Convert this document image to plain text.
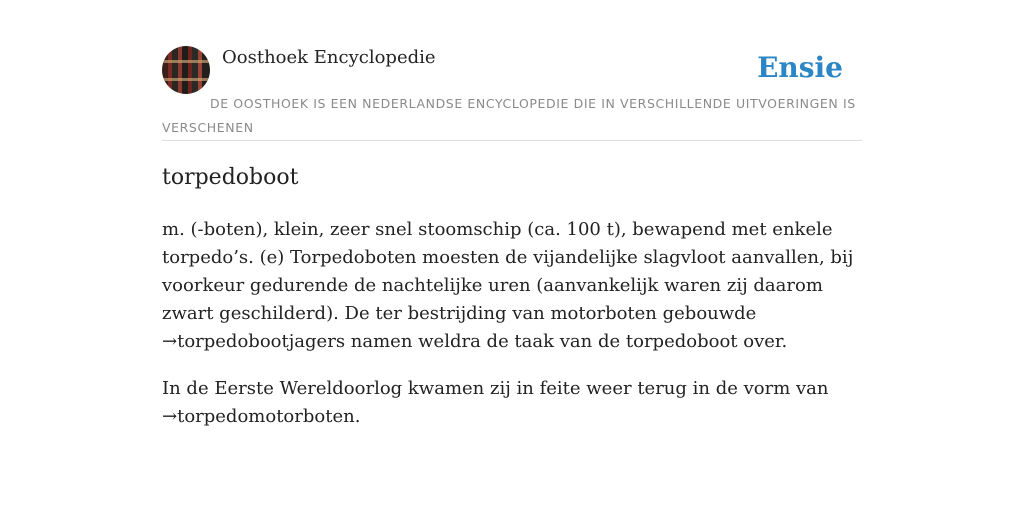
Oosthoek Encyclopedie	Ensie
DE OOSTHOEK IS EEN NEDERLANDSE ENCYCLOPEDIE DIE IN VERSCHILLENDE UITVOERINGEN IS VERSCHENEN
torpedoboot

m. (-boten), klein, zeer snel stoomschip (ca. 100 t), bewapend met enkele torpedo’s. (e) Torpedoboten moesten de vijandelijke slagvloot aanvallen, bij voorkeur gedurende de nachtelijke uren (aanvankelijk waren zij daarom zwart geschilderd). De ter bestrijding van motorboten gebouwde →torpedobootjagers namen weldra de taak van de torpedoboot over.

In de Eerste Wereldoorlog kwamen zij in feite weer terug in de vorm van →torpedomotorboten.
